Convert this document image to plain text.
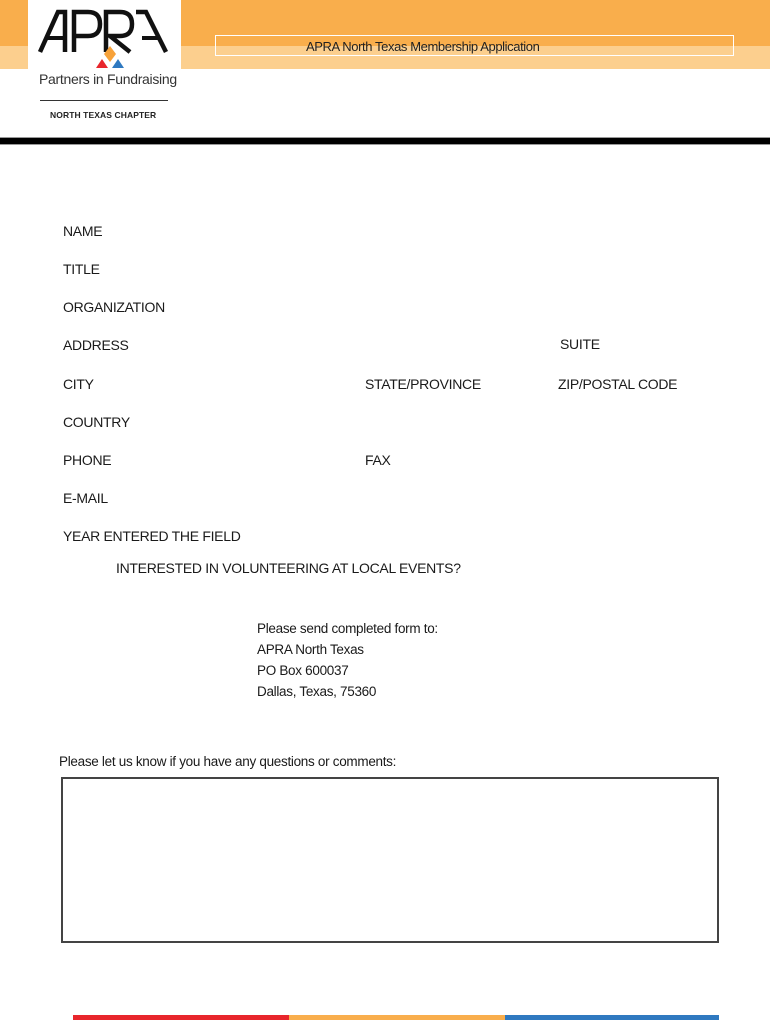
Partners in Fundraising
NORTH TEXAS CHAPTER
APRA North Texas Membership Application
NAME
TITLE
ORGANIZATION
ADDRESS	SUITE
CITY	STATE/PROVINCE	ZIP/POSTAL CODE
COUNTRY
PHONE	FAX
E-MAIL
YEAR ENTERED THE FIELD
INTERESTED IN VOLUNTEERING AT LOCAL EVENTS?
Please send completed form to:
APRA North Texas
PO Box 600037
Dallas, Texas, 75360
Please let us know if you have any questions or comments:
